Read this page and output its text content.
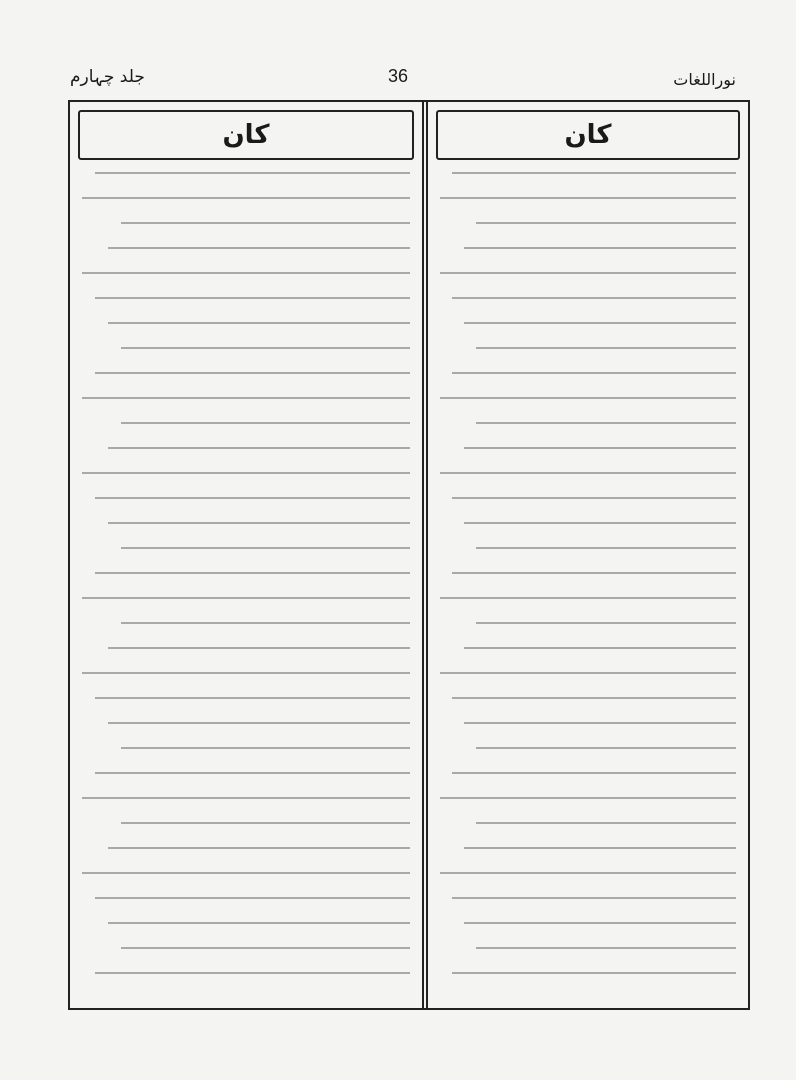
جلد چہارم	36	نوراللغات
کان	کان
